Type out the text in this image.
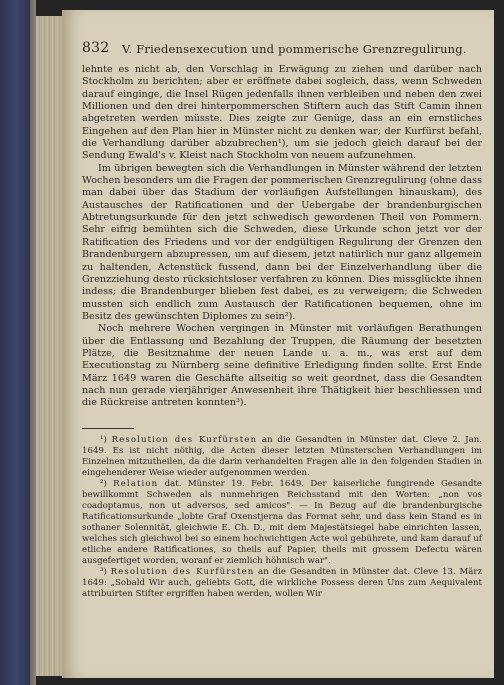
832 V. Friedensexecution und pommerische Grenzregulirung.

lehnte es nicht ab, den Vorschlag in Erwägung zu ziehen und darüber nach Stockholm zu berichten; aber er eröffnete dabei sogleich, dass, wenn Schweden darauf einginge, die Insel Rügen jedenfalls ihnen verbleiben und neben den zwei Millionen und den drei hinterpommerschen Stiftern auch das Stift Camin ihnen abgetreten werden müsste. Dies zeigte zur Genüge, dass an ein ernstliches Eingehen auf den Plan hier in Münster nicht zu denken war; der Kurfürst befahl, die Verhandlung darüber abzubrechen¹), um sie jedoch gleich darauf bei der Sendung Ewald's v. Kleist nach Stockholm von neuem aufzunehmen.

Im übrigen bewegten sich die Verhandlungen in Münster während der letzten Wochen besonders um die Fragen der pommerischen Grenzregulirung (ohne dass man dabei über das Stadium der vorläufigen Aufstellungen hinauskam), des Austausches der Ratificationen und der Uebergabe der brandenburgischen Abtretungsurkunde für den jetzt schwedisch gewordenen Theil von Pommern. Sehr eifrig bemühten sich die Schweden, diese Urkunde schon jetzt vor der Ratification des Friedens und vor der endgültigen Regulirung der Grenzen den Brandenburgern abzupressen, um auf diesem, jetzt natürlich nur ganz allgemein zu haltenden, Actenstück fussend, dann bei der Einzelverhandlung über die Grenzziehung desto rücksichtsloser verfahren zu können. Dies missglückte ihnen indess; die Brandenburger blieben fest dabei, es zu verweigern; die Schweden mussten sich endlich zum Austausch der Ratificationen bequemen, ohne im Besitz des gewünschten Diplomes zu sein²).

Noch mehrere Wochen vergingen in Münster mit vorläufigen Berathungen über die Entlassung und Bezahlung der Truppen, die Räumung der besetzten Plätze, die Besitznahme der neuen Lande u. a. m., was erst auf dem Executionstag zu Nürnberg seine definitive Erledigung finden sollte. Erst Ende März 1649 waren die Geschäfte allseitig so weit geordnet, dass die Gesandten nach nun gerade vierjähriger Anwesenheit ihre Thätigkeit hier beschliessen und die Rückreise antreten konnten³).

¹) Resolution des Kurfürsten an die Gesandten in Münster dat. Cleve 2. Jan. 1649. Es ist nicht nöthig, die Acten dieser letzten Münsterschen Verhandlungen im Einzelnen mitzutheilen, da die darin verhandelten Fragen alle in den folgenden Stadien in eingehenderer Weise wieder aufgenommen werden.

²) Relation dat. Münster 19. Febr. 1649. Der kaiserliche fungirende Gesandte bewillkommt Schweden als nunmehrigen Reichsstand mit den Worten: „non vos coadoptamus, non ut adversos, sed amicos". — In Bezug auf die brandenburgische Ratificationsurkunde „lobte Graf Oxenstjerna das Format sehr, und dass kein Stand es in sothaner Solennität, gleichwie E. Ch. D., mit dem Majestätsiegel habe einrichten lassen, welches sich gleichwol bei so einem hochwichtigen Acte wol gebührete, und kam darauf uf etliche andere Ratificationes, so theils auf Papier, theils mit grossem Defectu wären ausgefertiget worden, woranf er ziemlich höhnisch war".

³) Resolution des Kurfürsten an die Gesandten in Münster dat. Cleve 13. März 1649: „Sobald Wir auch, geliebts Gott, die wirkliche Possess deren Uns zum Aequivalent attribuirten Stifter ergriffen haben werden, wollen Wir
